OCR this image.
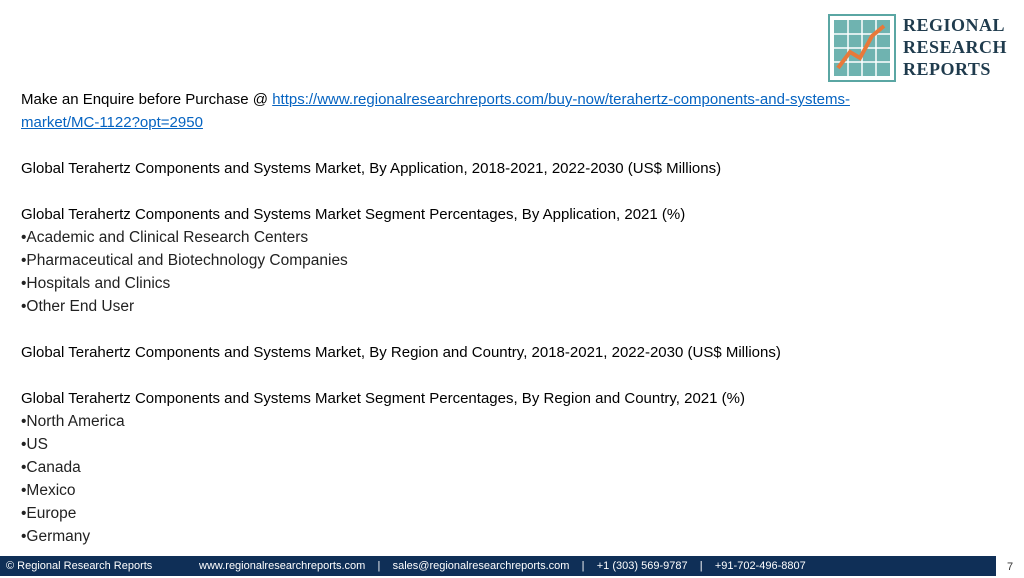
REGIONAL
RESEARCH
REPORTS
Make an Enquire before Purchase @ https://www.regionalresearchreports.com/buy-now/terahertz-components-and-systems-
market/MC-1122?opt=2950
Global Terahertz Components and Systems Market, By Application, 2018-2021, 2022-2030 (US$ Millions)
Global Terahertz Components and Systems Market Segment Percentages, By Application, 2021 (%)
•Academic and Clinical Research Centers
•Pharmaceutical and Biotechnology Companies
•Hospitals and Clinics
•Other End User
Global Terahertz Components and Systems Market, By Region and Country, 2018-2021, 2022-2030 (US$ Millions)
Global Terahertz Components and Systems Market Segment Percentages, By Region and Country, 2021 (%)
•North America
•US
•Canada
•Mexico
•Europe
•Germany
© Regional Research Reports	www.regionalresearchreports.com    |    sales@regionalresearchreports.com    |    +1 (303) 569-9787    |    +91-702-496-8807	7
